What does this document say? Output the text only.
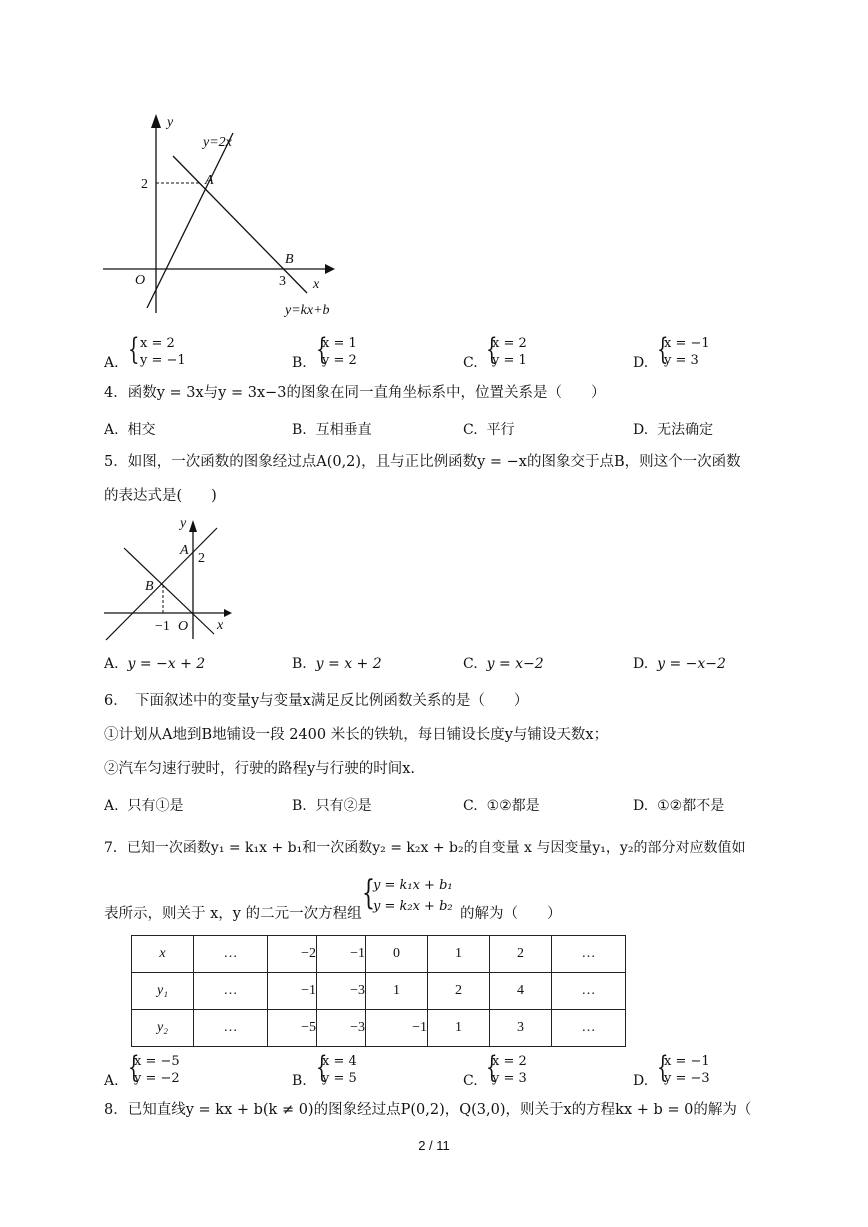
y
x
O
y=2x
y=kx+b
A
B
2
3
A. { x = 2
y = −1	B. {
x = 1
y = 2	C. {
x = 2
y = 1	D. {
x = −1
y = 3
4．函数y = 3x与y = 3x−3的图象在同一直角坐标系中，位置关系是（　　）
A. 相交	B. 互相垂直	C. 平行	D. 无法确定
5．如图，一次函数的图象经过点A(0,2)，且与正比例函数y = −x的图象交于点B，则这个一次函数
的表达式是(　　)
y
x
O
A
B
2
−1
A. y = −x + 2	B. y = x + 2	C. y = x−2	D. y = −x−2
6．　下面叙述中的变量y与变量x满足反比例函数关系的是（　　）
①计划从A地到B地铺设一段 2400 米长的铁轨，每日铺设长度y与铺设天数x；
②汽车匀速行驶时，行驶的路程y与行驶的时间x.
A. 只有①是	B. 只有②是	C. ①②都是	D. ①②都不是
7．已知一次函数y₁ = k₁x + b₁和一次函数y₂ = k₂x + b₂的自变量 x 与因变量y₁，y₂的部分对应数值如
表所示，则关于 x，y 的二元一次方程组
{
y = k₁x + b₁
y = k₂x + b₂ 的解为（　　）
x	…	−2	−1	0	1	2	…
y₁	…	−1	−3	1	2	4	…
y₂	…	−5	−3	−1	1	3	…
A. {
x = −5
y = −2	B. {
x = 4
y = 5	C. {
x = 2
y = 3	D. {
x = −1
y = −3
8．已知直线y = kx + b(k ≠ 0)的图象经过点P(0,2)，Q(3,0)，则关于x的方程kx + b = 0的解为（
2 / 11
